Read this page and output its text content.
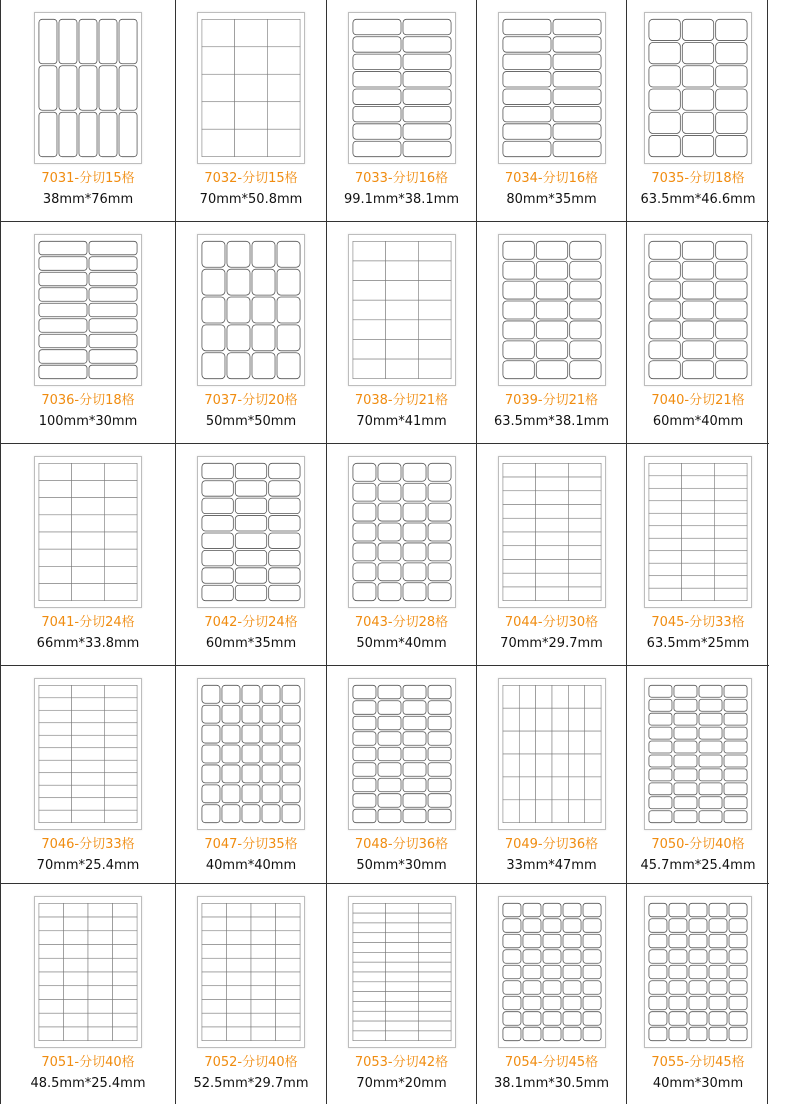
7031-分切15格
38mm*76mm
7032-分切15格
70mm*50.8mm
7033-分切16格
99.1mm*38.1mm
7034-分切16格
80mm*35mm
7035-分切18格
63.5mm*46.6mm
7036-分切18格
100mm*30mm
7037-分切20格
50mm*50mm
7038-分切21格
70mm*41mm
7039-分切21格
63.5mm*38.1mm
7040-分切21格
60mm*40mm
7041-分切24格
66mm*33.8mm
7042-分切24格
60mm*35mm
7043-分切28格
50mm*40mm
7044-分切30格
70mm*29.7mm
7045-分切33格
63.5mm*25mm
7046-分切33格
70mm*25.4mm
7047-分切35格
40mm*40mm
7048-分切36格
50mm*30mm
7049-分切36格
33mm*47mm
7050-分切40格
45.7mm*25.4mm
7051-分切40格
48.5mm*25.4mm
7052-分切40格
52.5mm*29.7mm
7053-分切42格
70mm*20mm
7054-分切45格
38.1mm*30.5mm
7055-分切45格
40mm*30mm
